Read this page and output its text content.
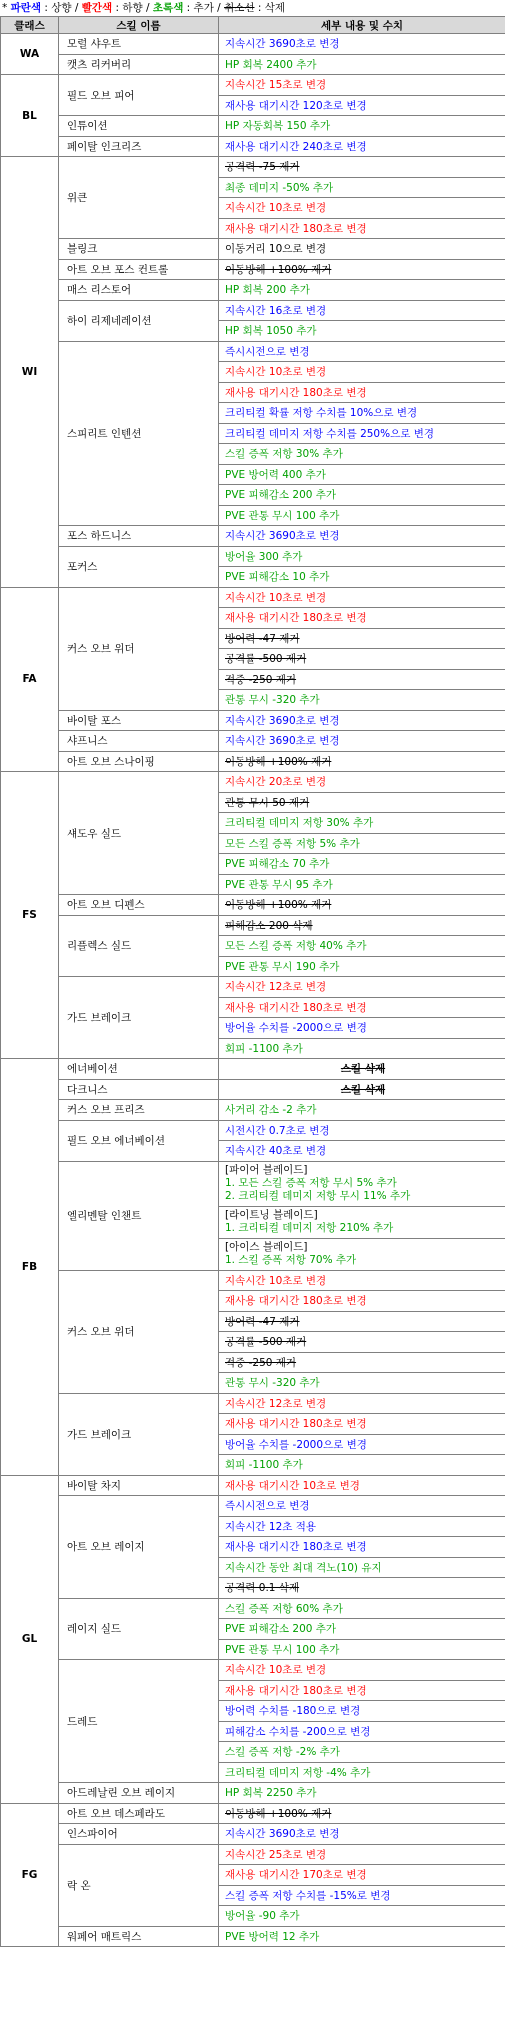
* 파란색 : 상향 / 빨간색 : 하향 / 초록색 : 추가 / 취소선 : 삭제
클래스	스킬 이름	세부 내용 및 수치
WA	모럴 샤우트	지속시간 3690초로 변경
	캣츠 리커버리	HP 회복 2400 추가
BL	필드 오브 피어	지속시간 15초로 변경
		재사용 대기시간 120초로 변경
	인튜이션	HP 자동회복 150 추가
	페이탈 인크리즈	재사용 대기시간 240초로 변경
WI	위큰	공격력 -75 제거
		최종 데미지 -50% 추가
		지속시간 10초로 변경
		재사용 대기시간 180초로 변경
	블링크	이동거리 10으로 변경
	아트 오브 포스 컨트롤	이동방해 +100% 제거
	매스 리스토어	HP 회복 200 추가
	하이 리제네레이션	지속시간 16초로 변경
		HP 회복 1050 추가
	스피리트 인텐션	즉시시전으로 변경
		지속시간 10초로 변경
		재사용 대기시간 180초로 변경
		크리티컬 확률 저항 수치를 10%으로 변경
		크리티컬 데미지 저항 수치를 250%으로 변경
		스킬 증폭 저항 30% 추가
		PVE 방어력 400 추가
		PVE 피해감소 200 추가
		PVE 관통 무시 100 추가
	포스 하드니스	지속시간 3690초로 변경
	포커스	방어율 300 추가
		PVE 피해감소 10 추가
FA	커스 오브 위더	지속시간 10초로 변경
		재사용 대기시간 180초로 변경
		방어력 -47 제거
		공격률 -500 제거
		적중 -250 제거
		관통 무시 -320 추가
	바이탈 포스	지속시간 3690초로 변경
	샤프니스	지속시간 3690초로 변경
	아트 오브 스나이핑	이동방해 +100% 제거
FS	섀도우 실드	지속시간 20초로 변경
		관통 무시 50 제거
		크리티컬 데미지 저항 30% 추가
		모든 스킬 증폭 저항 5% 추가
		PVE 피해감소 70 추가
		PVE 관통 무시 95 추가
	아트 오브 디펜스	이동방해 +100% 제거
	리플렉스 실드	피해감소 200 삭제
		모든 스킬 증폭 저항 40% 추가
		PVE 관통 무시 190 추가
	가드 브레이크	지속시간 12초로 변경
		재사용 대기시간 180초로 변경
		방어율 수치를 -2000으로 변경
		회피 -1100 추가
FB	에너베이션	스킬 삭제
	다크니스	스킬 삭제
	커스 오브 프리즈	사거리 감소 -2 추가
	필드 오브 에너베이션	시전시간 0.7초로 변경
		지속시간 40초로 변경
	엘리멘탈 인챈트	[파이어 블레이드]
1. 모든 스킬 증폭 저항 무시 5% 추가
2. 크리티컬 데미지 저항 무시 11% 추가

		[라이트닝 블레이드]
1. 크리티컬 데미지 저항 210% 추가

		[아이스 블레이드]
1. 스킬 증폭 저항 70% 추가

	커스 오브 위더	지속시간 10초로 변경
		재사용 대기시간 180초로 변경
		방어력 -47 제거
		공격률 -500 제거
		적중 -250 제거
		관통 무시 -320 추가
	가드 브레이크	지속시간 12초로 변경
		재사용 대기시간 180초로 변경
		방어율 수치를 -2000으로 변경
		회피 -1100 추가
GL	바이탈 차지	재사용 대기시간 10초로 변경
	아트 오브 레이지	즉시시전으로 변경
		지속시간 12초 적용
		재사용 대기시간 180초로 변경
		지속시간 동안 최대 격노(10) 유지
		공격력 0.1 삭제
	레이지 실드	스킬 증폭 저항 60% 추가
		PVE 피해감소 200 추가
		PVE 관통 무시 100 추가
	드레드	지속시간 10초로 변경
		재사용 대기시간 180초로 변경
		방어력 수치를 -180으로 변경
		피해감소 수치를 -200으로 변경
		스킬 증폭 저항 -2% 추가
		크리티컬 데미지 저항 -4% 추가
	아드레날린 오브 레이지	HP 회복 2250 추가
FG	아트 오브 데스페라도	이동방해 +100% 제거
	인스파이어	지속시간 3690초로 변경
	락 온	지속시간 25초로 변경
		재사용 대기시간 170초로 변경
		스킬 증폭 저항 수치를 -15%로 변경
		방어율 -90 추가
	워페어 매트릭스	PVE 방어력 12 추가
